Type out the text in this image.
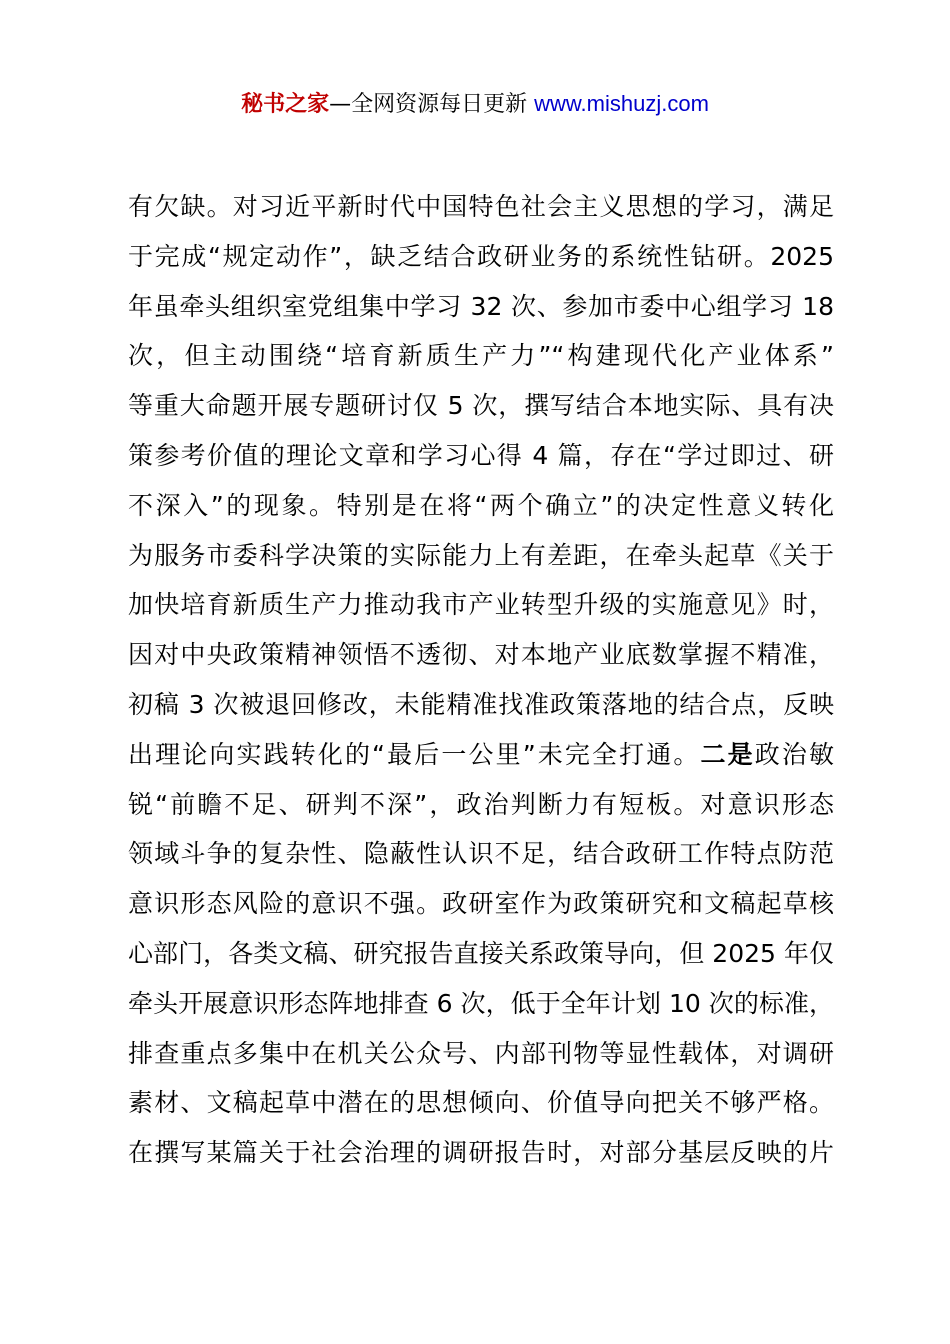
秘书之家—全网资源每日更新 www.mishuzj.com
有欠缺。对习近平新时代中国特色社会主义思想的学习，满足
于完成“规定动作”，缺乏结合政研业务的系统性钻研。2025
年虽牵头组织室党组集中学习 32 次、参加市委中心组学习 18
次，但主动围绕“培育新质生产力”“构建现代化产业体系”
等重大命题开展专题研讨仅 5 次，撰写结合本地实际、具有决
策参考价值的理论文章和学习心得 4 篇，存在“学过即过、研
不深入”的现象。特别是在将“两个确立”的决定性意义转化
为服务市委科学决策的实际能力上有差距，在牵头起草《关于
加快培育新质生产力推动我市产业转型升级的实施意见》时，
因对中央政策精神领悟不透彻、对本地产业底数掌握不精准，
初稿 3 次被退回修改，未能精准找准政策落地的结合点，反映
出理论向实践转化的“最后一公里”未完全打通。二是政治敏
锐“前瞻不足、研判不深”，政治判断力有短板。对意识形态
领域斗争的复杂性、隐蔽性认识不足，结合政研工作特点防范
意识形态风险的意识不强。政研室作为政策研究和文稿起草核
心部门，各类文稿、研究报告直接关系政策导向，但 2025 年仅
牵头开展意识形态阵地排查 6 次，低于全年计划 10 次的标准，
排查重点多集中在机关公众号、内部刊物等显性载体，对调研
素材、文稿起草中潜在的思想倾向、价值导向把关不够严格。
在撰写某篇关于社会治理的调研报告时，对部分基层反映的片
